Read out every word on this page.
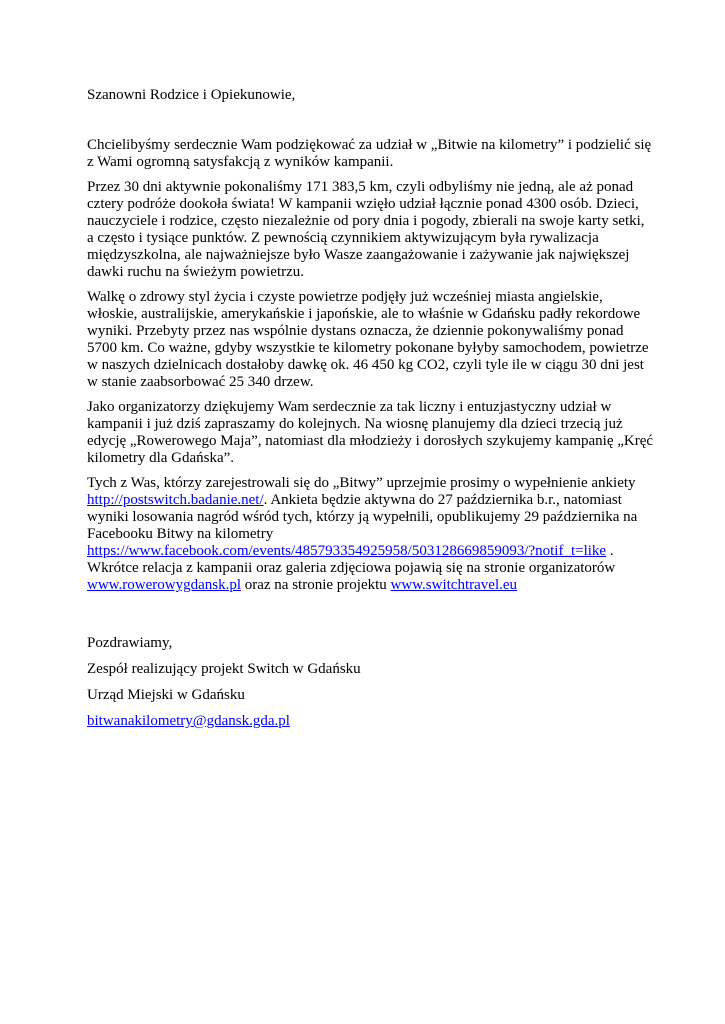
Szanowni Rodzice i Opiekunowie,

Chcielibyśmy serdecznie Wam podziękować za udział w „Bitwie na kilometry” i podzielić się
z Wami ogromną satysfakcją z wyników kampanii.
Przez 30 dni aktywnie pokonaliśmy 171 383,5 km, czyli odbyliśmy nie jedną, ale aż ponad
cztery podróże dookoła świata! W kampanii wzięło udział łącznie ponad 4300 osób. Dzieci,
nauczyciele i rodzice, często niezależnie od pory dnia i pogody, zbierali na swoje karty setki,
a często i tysiące punktów. Z pewnością czynnikiem aktywizującym była rywalizacja
międzyszkolna, ale najważniejsze było Wasze zaangażowanie i zażywanie jak największej
dawki ruchu na świeżym powietrzu.
Walkę o zdrowy styl życia i czyste powietrze podjęły już wcześniej miasta angielskie,
włoskie, australijskie, amerykańskie i japońskie, ale to właśnie w Gdańsku padły rekordowe
wyniki. Przebyty przez nas wspólnie dystans oznacza, że dziennie pokonywaliśmy ponad
5700 km. Co ważne, gdyby wszystkie te kilometry pokonane byłyby samochodem, powietrze
w naszych dzielnicach dostałoby dawkę ok. 46 450 kg CO2, czyli tyle ile w ciągu 30 dni jest
w stanie zaabsorbować 25 340 drzew.
Jako organizatorzy dziękujemy Wam serdecznie za tak liczny i entuzjastyczny udział w
kampanii i już dziś zapraszamy do kolejnych. Na wiosnę planujemy dla dzieci trzecią już
edycję „Rowerowego Maja”, natomiast dla młodzieży i dorosłych szykujemy kampanię „Kręć
kilometry dla Gdańska”.
Tych z Was, którzy zarejestrowali się do „Bitwy” uprzejmie prosimy o wypełnienie ankiety
http://postswitch.badanie.net/. Ankieta będzie aktywna do 27 października b.r., natomiast
wyniki losowania nagród wśród tych, którzy ją wypełnili, opublikujemy 29 października na
Facebooku Bitwy na kilometry
https://www.facebook.com/events/485793354925958/503128669859093/?notif_t=like .
Wkrótce relacja z kampanii oraz galeria zdjęciowa pojawią się na stronie organizatorów
www.rowerowygdansk.pl oraz na stronie projektu www.switchtravel.eu

Pozdrawiamy,

Zespół realizujący projekt Switch w Gdańsku

Urząd Miejski w Gdańsku

bitwanakilometry@gdansk.gda.pl
